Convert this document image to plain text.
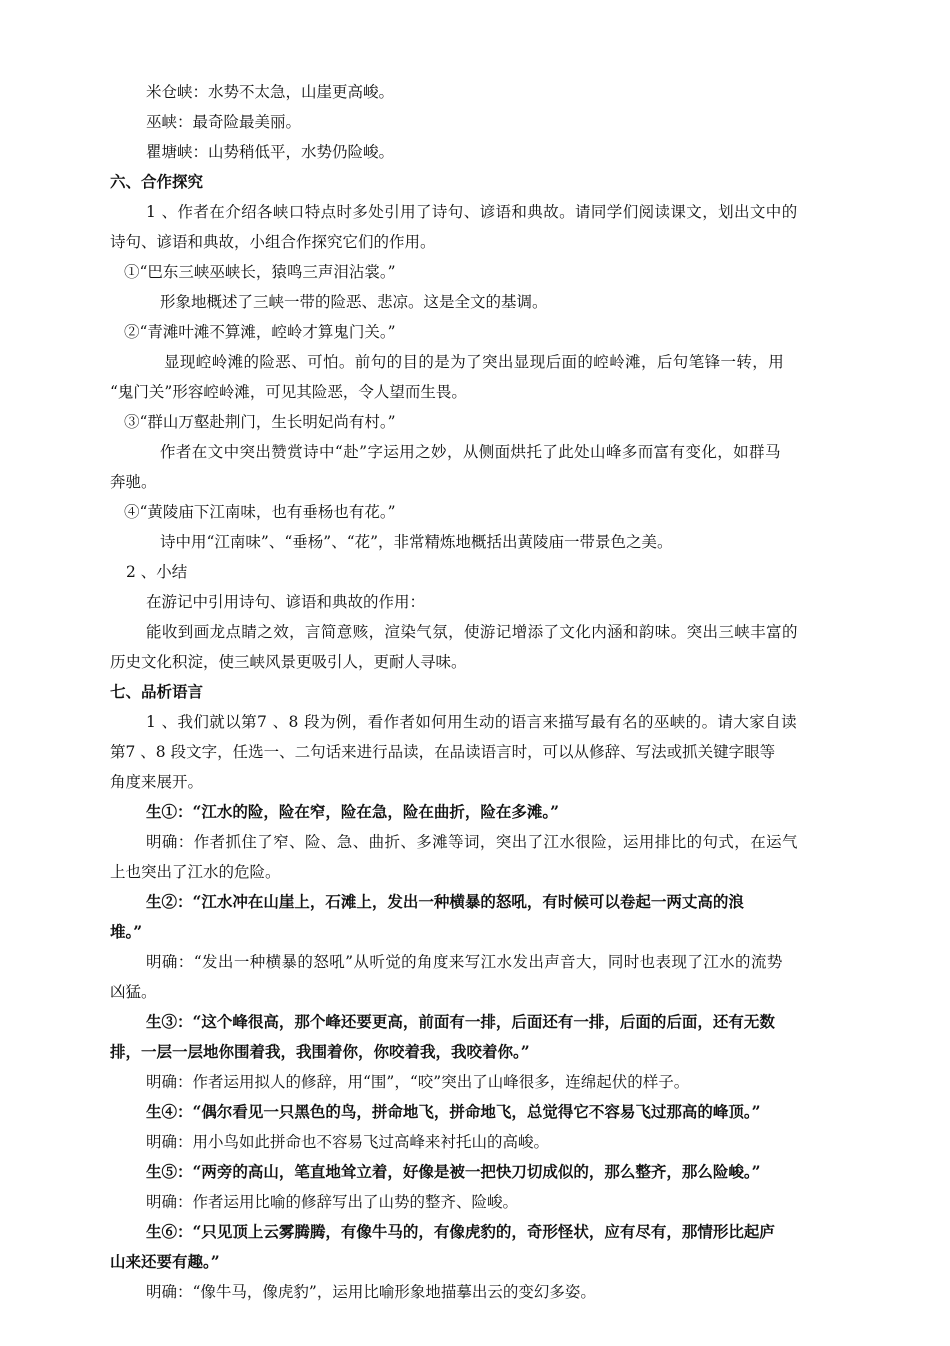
米仓峡：水势不太急，山崖更高峻。
巫峡：最奇险最美丽。
瞿塘峡：山势稍低平，水势仍险峻。
六、合作探究
1 、作者在介绍各峡口特点时多处引用了诗句、谚语和典故。请同学们阅读课文，划出文中的
诗句、谚语和典故，小组合作探究它们的作用。
①“巴东三峡巫峡长，猿鸣三声泪沾裳。”
形象地概述了三峡一带的险恶、悲凉。这是全文的基调。
②“青滩叶滩不算滩，崆岭才算鬼门关。”
显现崆岭滩的险恶、可怕。前句的目的是为了突出显现后面的崆岭滩，后句笔锋一转，用
“鬼门关”形容崆岭滩，可见其险恶，令人望而生畏。
③“群山万壑赴荆门，生长明妃尚有村。”
作者在文中突出赞赏诗中“赴”字运用之妙，从侧面烘托了此处山峰多而富有变化，如群马
奔驰。
④“黄陵庙下江南味，也有垂杨也有花。”
诗中用“江南味”、“垂杨”、“花”，非常精炼地概括出黄陵庙一带景色之美。
2 、小结
在游记中引用诗句、谚语和典故的作用：
能收到画龙点睛之效，言简意赅，渲染气氛，使游记增添了文化内涵和韵味。突出三峡丰富的
历史文化积淀，使三峡风景更吸引人，更耐人寻味。
七、品析语言
1 、我们就以第7 、8 段为例，看作者如何用生动的语言来描写最有名的巫峡的。请大家自读
第7 、8 段文字，任选一、二句话来进行品读，在品读语言时，可以从修辞、写法或抓关键字眼等
角度来展开。
生①：“江水的险，险在窄，险在急，险在曲折，险在多滩。”
明确：作者抓住了窄、险、急、曲折、多滩等词，突出了江水很险，运用排比的句式，在运气
上也突出了江水的危险。
生②：“江水冲在山崖上，石滩上，发出一种横暴的怒吼，有时候可以卷起一两丈高的浪
堆。”
明确：“发出一种横暴的怒吼”从听觉的角度来写江水发出声音大，同时也表现了江水的流势
凶猛。
生③：“这个峰很高，那个峰还要更高，前面有一排，后面还有一排，后面的后面，还有无数
排，一层一层地你围着我，我围着你，你咬着我，我咬着你。”
明确：作者运用拟人的修辞，用“围”，“咬”突出了山峰很多，连绵起伏的样子。
生④：“偶尔看见一只黑色的鸟，拼命地飞，拼命地飞，总觉得它不容易飞过那高的峰顶。”
明确：用小鸟如此拼命也不容易飞过高峰来衬托山的高峻。
生⑤：“两旁的高山，笔直地耸立着，好像是被一把快刀切成似的，那么整齐，那么险峻。”
明确：作者运用比喻的修辞写出了山势的整齐、险峻。
生⑥：“只见顶上云雾腾腾，有像牛马的，有像虎豹的，奇形怪状，应有尽有，那情形比起庐
山来还要有趣。”
明确：“像牛马，像虎豹”，运用比喻形象地描摹出云的变幻多姿。
